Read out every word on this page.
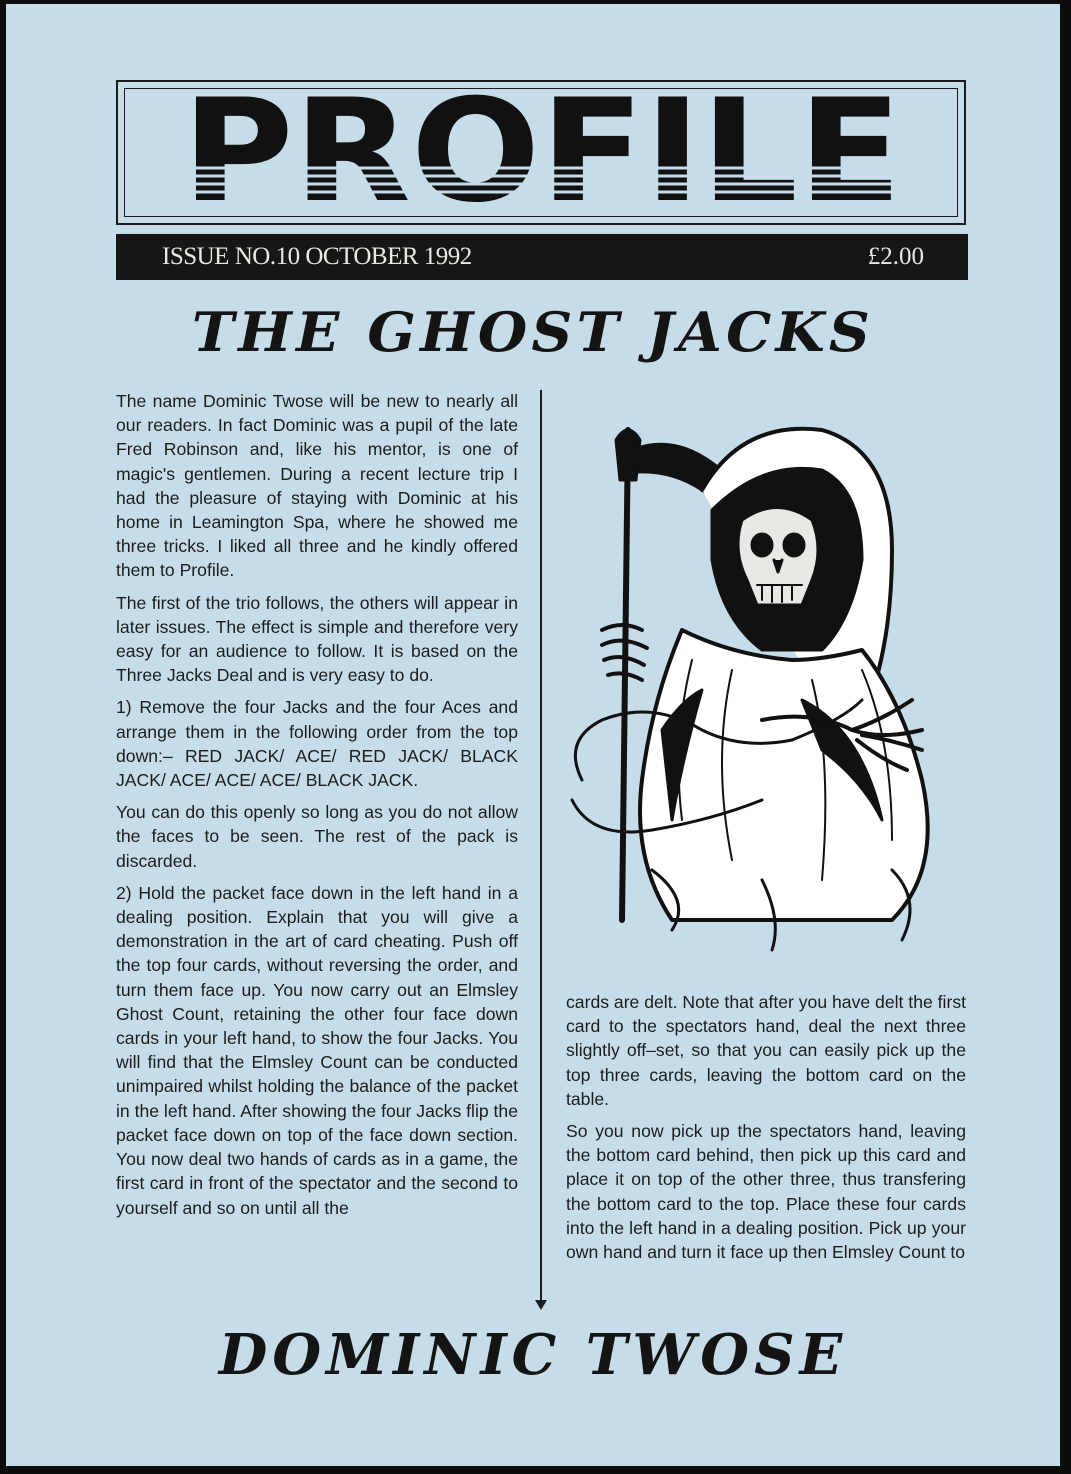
PROFILE
ISSUE NO.10 OCTOBER 1992	£2.00
THE GHOST JACKS

The name Dominic Twose will be new to nearly all our readers. In fact Dominic was a pupil of the late Fred Robinson and, like his mentor, is one of magic's gentlemen. During a recent lecture trip I had the pleasure of staying with Dominic at his home in Leamington Spa, where he showed me three tricks. I liked all three and he kindly offered them to Profile.

The first of the trio follows, the others will appear in later issues. The effect is simple and therefore very easy for an audience to follow. It is based on the Three Jacks Deal and is very easy to do.

1) Remove the four Jacks and the four Aces and arrange them in the following order from the top down:– RED JACK/ ACE/ RED JACK/ BLACK JACK/ ACE/ ACE/ ACE/ BLACK JACK.

You can do this openly so long as you do not allow the faces to be seen. The rest of the pack is discarded.

2) Hold the packet face down in the left hand in a dealing position. Explain that you will give a demonstration in the art of card cheating. Push off the top four cards, without reversing the order, and turn them face up. You now carry out an Elmsley Ghost Count, retaining the other four face down cards in your left hand, to show the four Jacks. You will find that the Elmsley Count can be conducted unimpaired whilst holding the balance of the packet in the left hand. After showing the four Jacks flip the packet face down on top of the face down section. You now deal two hands of cards as in a game, the first card in front of the spectator and the second to yourself and so on until all the

cards are delt. Note that after you have delt the first card to the spectators hand, deal the next three slightly off–set, so that you can easily pick up the top three cards, leaving the bottom card on the table.

So you now pick up the spectators hand, leaving the bottom card behind, then pick up this card and place it on top of the other three, thus transfering the bottom card to the top. Place these four cards into the left hand in a dealing position. Pick up your own hand and turn it face up then Elmsley Count to

DOMINIC TWOSE
